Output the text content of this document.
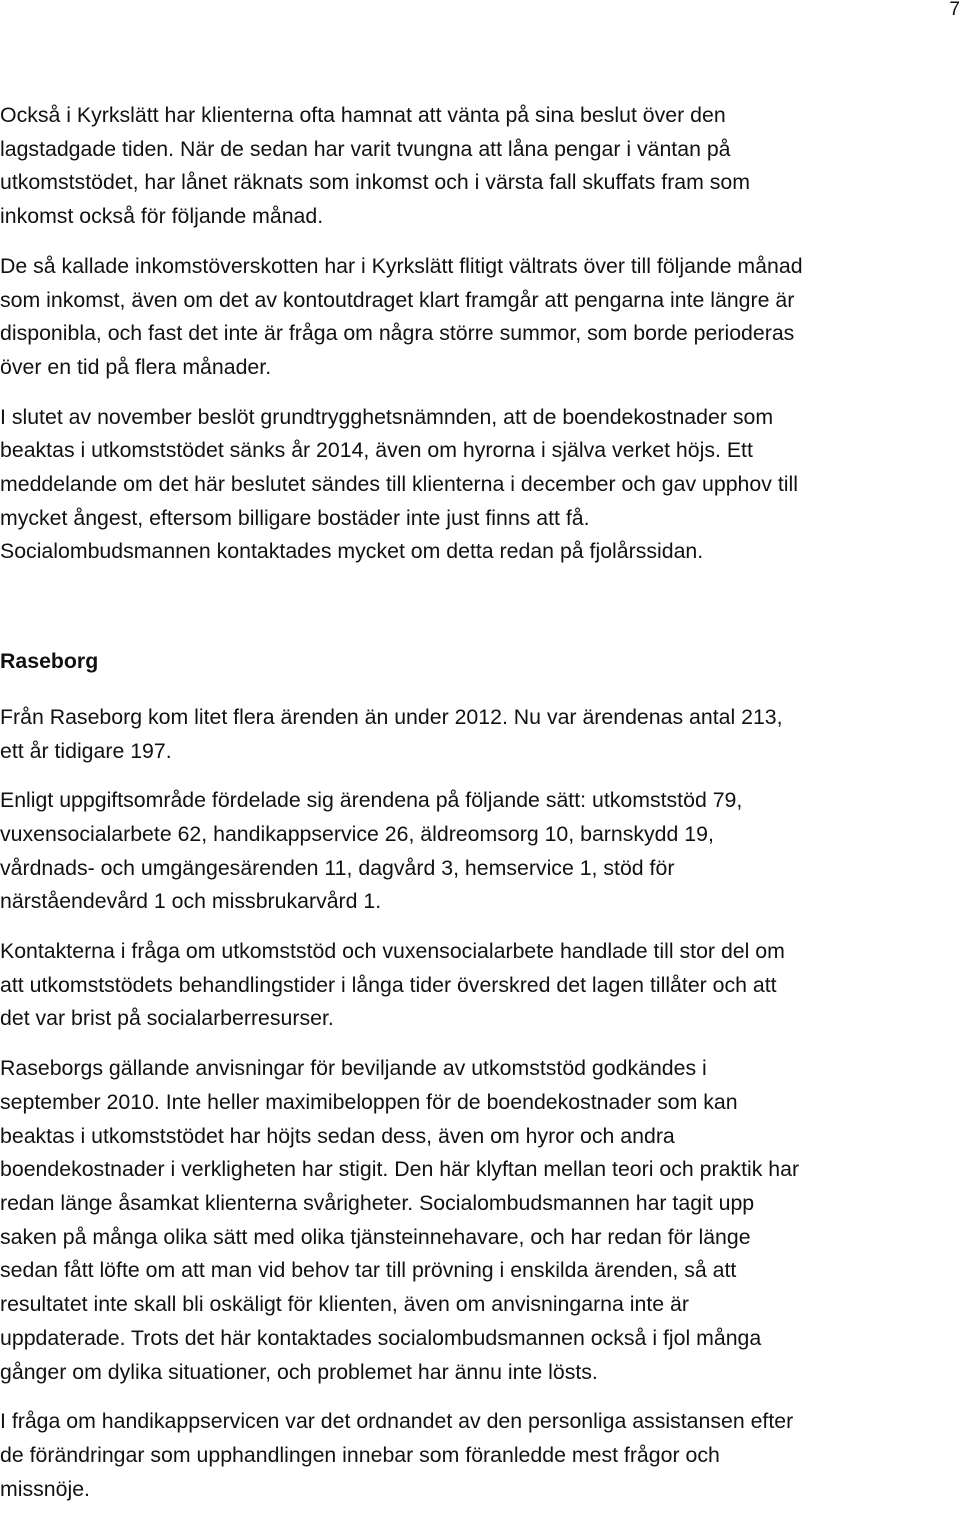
7

Också i Kyrkslätt har klienterna ofta hamnat att vänta på sina beslut över den
lagstadgade tiden. När de sedan har varit tvungna att låna pengar i väntan på
utkomststödet, har lånet räknats som inkomst och i värsta fall skuffats fram som
inkomst också för följande månad.

De så kallade inkomstöverskotten har i Kyrkslätt flitigt vältrats över till följande månad
som inkomst, även om det av kontoutdraget klart framgår att pengarna inte längre är
disponibla, och fast det inte är fråga om några större summor, som borde perioderas
över en tid på flera månader.

I slutet av november beslöt grundtrygghetsnämnden, att de boendekostnader som
beaktas i utkomststödet sänks år 2014, även om hyrorna i själva verket höjs. Ett
meddelande om det här beslutet sändes till klienterna i december och gav upphov till
mycket ångest, eftersom billigare bostäder inte just finns att få.
Socialombudsmannen kontaktades mycket om detta redan på fjolårssidan.

Raseborg

Från Raseborg kom litet flera ärenden än under 2012. Nu var ärendenas antal 213,
ett år tidigare 197.

Enligt uppgiftsområde fördelade sig ärendena på följande sätt: utkomststöd 79,
vuxensocialarbete 62, handikappservice 26, äldreomsorg 10, barnskydd 19,
vårdnads- och umgängesärenden 11, dagvård 3, hemservice 1, stöd för
närståendevård 1 och missbrukarvård 1.

Kontakterna i fråga om utkomststöd och vuxensocialarbete handlade till stor del om
att utkomststödets behandlingstider i långa tider överskred det lagen tillåter och att
det var brist på socialarberresurser.

Raseborgs gällande anvisningar för beviljande av utkomststöd godkändes i
september 2010. Inte heller maximibeloppen för de boendekostnader som kan
beaktas i utkomststödet har höjts sedan dess, även om hyror och andra
boendekostnader i verkligheten har stigit. Den här klyftan mellan teori och praktik har
redan länge åsamkat klienterna svårigheter. Socialombudsmannen har tagit upp
saken på många olika sätt med olika tjänsteinnehavare, och har redan för länge
sedan fått löfte om att man vid behov tar till prövning i enskilda ärenden, så att
resultatet inte skall bli oskäligt för klienten, även om anvisningarna inte är
uppdaterade. Trots det här kontaktades socialombudsmannen också i fjol många
gånger om dylika situationer, och problemet har ännu inte lösts.

I fråga om handikappservicen var det ordnandet av den personliga assistansen efter
de förändringar som upphandlingen innebar som föranledde mest frågor och
missnöje.
